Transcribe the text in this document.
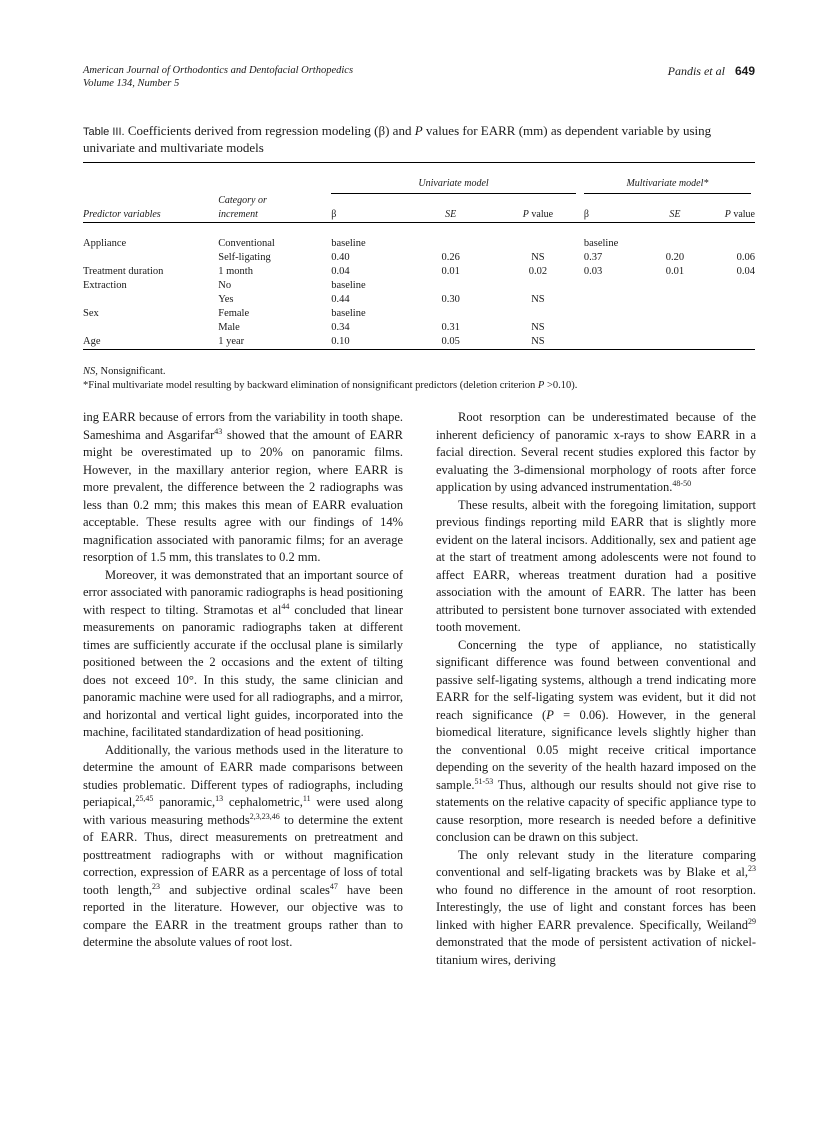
American Journal of Orthodontics and Dentofacial Orthopedics
Volume 134, Number 5
Pandis et al 649
Table III. Coefficients derived from regression modeling (β) and P values for EARR (mm) as dependent variable by using univariate and multivariate models

		Univariate model			Multivariate model*		

Predictor variables	Category or
increment	β	SE	P value	β	SE	P value

Appliance	Conventional	baseline			baseline		
	Self-ligating	0.40	0.26	NS	0.37	0.20	0.06
Treatment duration	1 month	0.04	0.01	0.02	0.03	0.01	0.04
Extraction	No	baseline					
	Yes	0.44	0.30	NS			
Sex	Female	baseline					
	Male	0.34	0.31	NS			
Age	1 year	0.10	0.05	NS			

NS, Nonsignificant.
*Final multivariate model resulting by backward elimination of nonsignificant predictors (deletion criterion P >0.10).

ing EARR because of errors from the variability in tooth shape. Sameshima and Asgarifar$^{43}$ showed that the amount of EARR might be overestimated up to 20% on panoramic films. However, in the maxillary anterior region, where EARR is more prevalent, the difference between the 2 radiographs was less than 0.2 mm; this makes this mean of EARR evaluation acceptable. These results agree with our findings of 14% magnification associated with panoramic films; for an average resorption of 1.5 mm, this translates to 0.2 mm.

Moreover, it was demonstrated that an important source of error associated with panoramic radiographs is head positioning with respect to tilting. Stramotas et $al^{44}$ concluded that linear measurements on panoramic radiographs taken at different times are sufficiently accurate if the occlusal plane is similarly positioned between the 2 occasions and the extent of tilting does not exceed 10°. In this study, the same clinician and panoramic machine were used for all radiographs, and a mirror, and horizontal and vertical light guides, incorporated into the machine, facilitated standardization of head positioning.

Additionally, the various methods used in the literature to determine the amount of EARR made comparisons between studies problematic. Different types of radiographs, including periapical,$^{25,45}$ panoramic,$^{13}$ cephalometric,$^{11}$ were used along with various measuring methods$^{2,3,23,46}$ to determine the extent of EARR. Thus, direct measurements on pretreatment and posttreatment radiographs with or without magnification correction, expression of EARR as a percentage of loss of total tooth length,$^{23}$ and subjective ordinal scales$^{47}$ have been reported in the literature. However, our objective was to compare the EARR in the treatment groups rather than to determine the absolute values of root lost.

Root resorption can be underestimated because of the inherent deficiency of panoramic x-rays to show EARR in a facial direction. Several recent studies explored this factor by evaluating the 3-dimensional morphology of roots after force application by using advanced instrumentation.$^{48-50}$

These results, albeit with the foregoing limitation, support previous findings reporting mild EARR that is slightly more evident on the lateral incisors. Additionally, sex and patient age at the start of treatment among adolescents were not found to affect EARR, whereas treatment duration had a positive association with the amount of EARR. The latter has been attributed to persistent bone turnover associated with extended tooth movement.

Concerning the type of appliance, no statistically significant difference was found between conventional and passive self-ligating systems, although a trend indicating more EARR for the self-ligating system was evident, but it did not reach significance (P = 0.06). However, in the general biomedical literature, significance levels slightly higher than the conventional 0.05 might receive critical importance depending on the severity of the health hazard imposed on the sample.$^{51-53}$ Thus, although our results should not give rise to statements on the relative capacity of specific appliance type to cause resorption, more research is needed before a definitive conclusion can be drawn on this subject.

The only relevant study in the literature comparing conventional and self-ligating brackets was by Blake et al,$^{23}$ who found no difference in the amount of root resorption. Interestingly, the use of light and constant forces has been linked with higher EARR prevalence. Specifically, Weiland$^{29}$ demonstrated that the mode of persistent activation of nickel-titanium wires, deriving
